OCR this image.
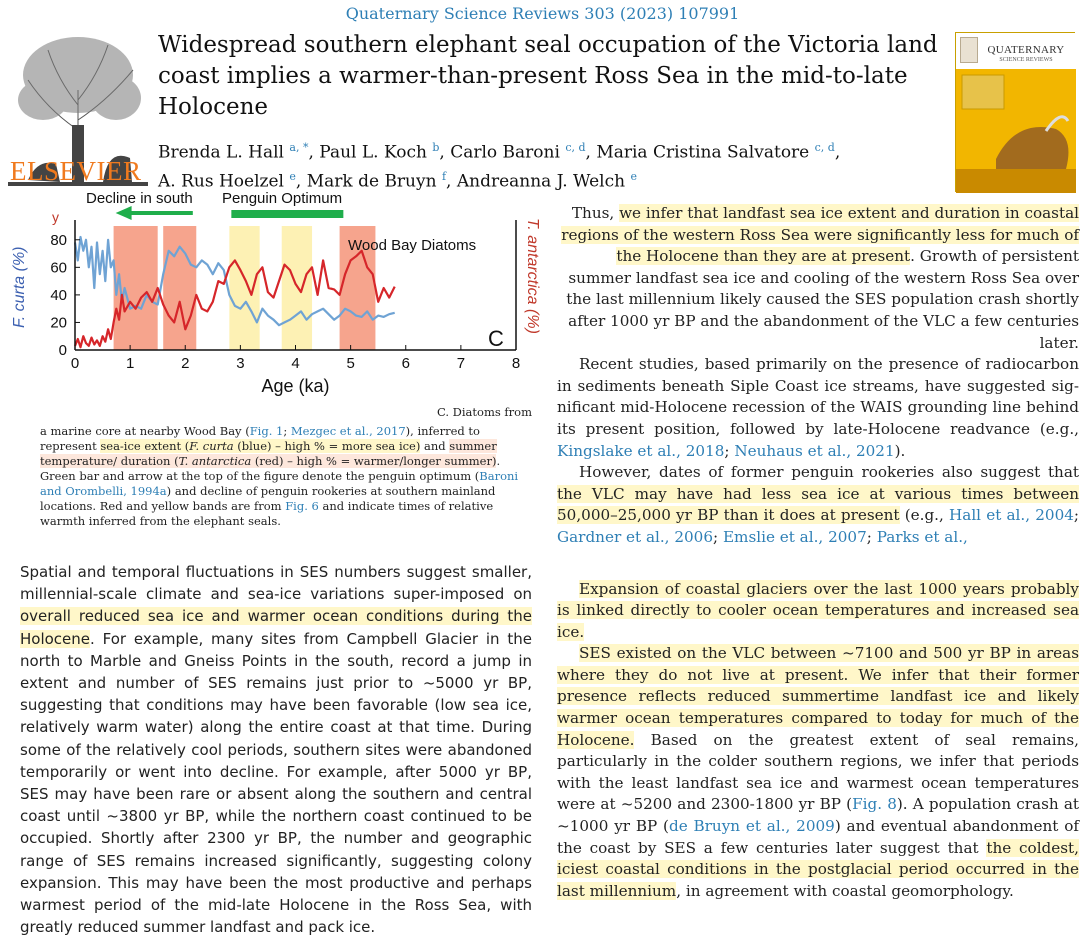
Quaternary Science Reviews 303 (2023) 107991
ELSEVIER
Widespread southern elephant seal occupation of the Victoria land coast implies a warmer-than-present Ross Sea in the mid-to-late Holocene
QUATERNARY
SCIENCE REVIEWS
Brenda L. Hall $^{a, *}$, Paul L. Koch $^b$, Carlo Baroni $^{c, d}$, Maria Cristina Salvatore $^{c, d}$,
A. Rus Hoelzel $^e$, Mark de Bruyn $^f$, Andreanna J. Welch $^e$
Decline in south Penguin Optimum
0	1	2	3	4	5	6	7	8
0
20
40
60
80
Age (ka)
F. curta (%)	T. antarctica (%)
y
Wood Bay Diatoms
C
C. Diatoms from
a marine core at nearby Wood Bay (Fig. 1; Mezgec et al., 2017), inferred to represent sea-ice extent (F. curta (blue) – high % = more sea ice) and summer temperature/ duration (T. antarctica (red) – high % = warmer/longer summer). Green bar and arrow at the top of the figure denote the penguin optimum (Baroni and Orombelli, 1994a) and decline of penguin rookeries at southern mainland locations. Red and yellow bands are from Fig. 6 and indicate times of relative warmth inferred from the elephant seals.
Spatial and temporal fluctuations in SES numbers suggest smaller, millennial-scale climate and sea-ice variations super-imposed on overall reduced sea ice and warmer ocean conditions during the Holocene. For example, many sites from Campbell Glacier in the north to Marble and Gneiss Points in the south, record a jump in extent and number of SES remains just prior to ~5000 yr BP, suggesting that conditions may have been favorable (low sea ice, relatively warm water) along the entire coast at that time. During some of the relatively cool periods, southern sites were abandoned temporarily or went into decline. For example, after 5000 yr BP, SES may have been rare or absent along the southern and central coast until ~3800 yr BP, while the northern coast continued to be occupied. Shortly after 2300 yr BP, the number and geographic range of SES remains increased significantly, suggesting colony expansion. This may have been the most productive and perhaps warmest period of the mid-late Holocene in the Ross Sea, with greatly reduced summer landfast and pack ice.

Thus, we infer that landfast sea ice extent and duration in coastal regions of the western Ross Sea were significantly less for much of the Holocene than they are at present. Growth of persistent summer landfast sea ice and cooling of the western Ross Sea over the last millennium likely caused the SES population crash shortly after 1000 yr BP and the abandonment of the VLC a few centuries later.

Recent studies, based primarily on the presence of radiocarbon in sediments beneath Siple Coast ice streams, have suggested sig-nificant mid-Holocene recession of the WAIS grounding line behind its present position, followed by late-Holocene readvance (e.g., Kingslake et al., 2018; Neuhaus et al., 2021).

However, dates of former penguin rookeries also suggest that the VLC may have had less sea ice at various times between 50,000–25,000 yr BP than it does at present (e.g., Hall et al., 2004; Gardner et al., 2006; Emslie et al., 2007; Parks et al.,

Expansion of coastal glaciers over the last 1000 years probably is linked directly to cooler ocean temperatures and increased sea ice.

SES existed on the VLC between ~7100 and 500 yr BP in areas where they do not live at present. We infer that their former presence reflects reduced summertime landfast ice and likely warmer ocean temperatures compared to today for much of the Holocene. Based on the greatest extent of seal remains, particularly in the colder southern regions, we infer that periods with the least landfast sea ice and warmest ocean temperatures were at ~5200 and 2300-1800 yr BP (Fig. 8). A population crash at ~1000 yr BP (de Bruyn et al., 2009) and eventual abandonment of the coast by SES a few centuries later suggest that the coldest, iciest coastal conditions in the postglacial period occurred in the last millennium, in agreement with coastal geomorphology.
